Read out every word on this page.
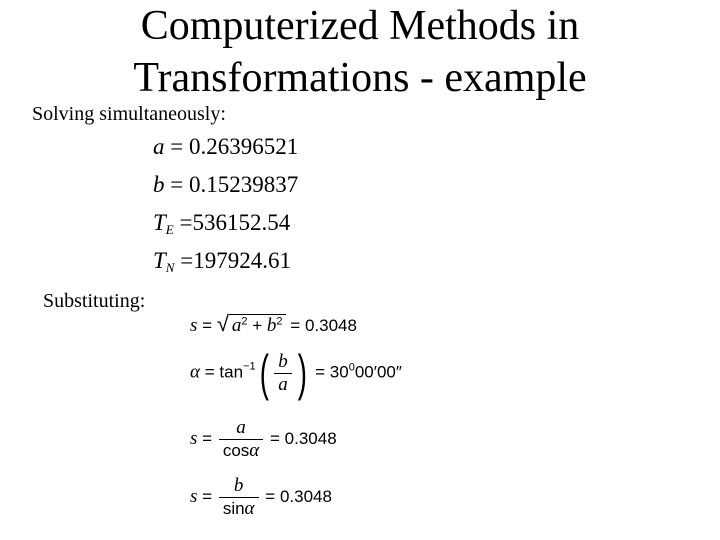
Computerized Methods in
Transformations - example
Solving simultaneously:
a = 0.26396521
b = 0.15239837
$T_E =536152.54$
$T_N =197924.61$
Substituting:
s = √ $a^2 + b^2 = 0.3048$
$\alpha = \tan^{-1}( \frac{b}{a}$ ) = $30^000'00''$
$s = \frac{a}{\cos\alpha} = 0.3048$
$s = \frac{b}{\sin\alpha} = 0.3048$
